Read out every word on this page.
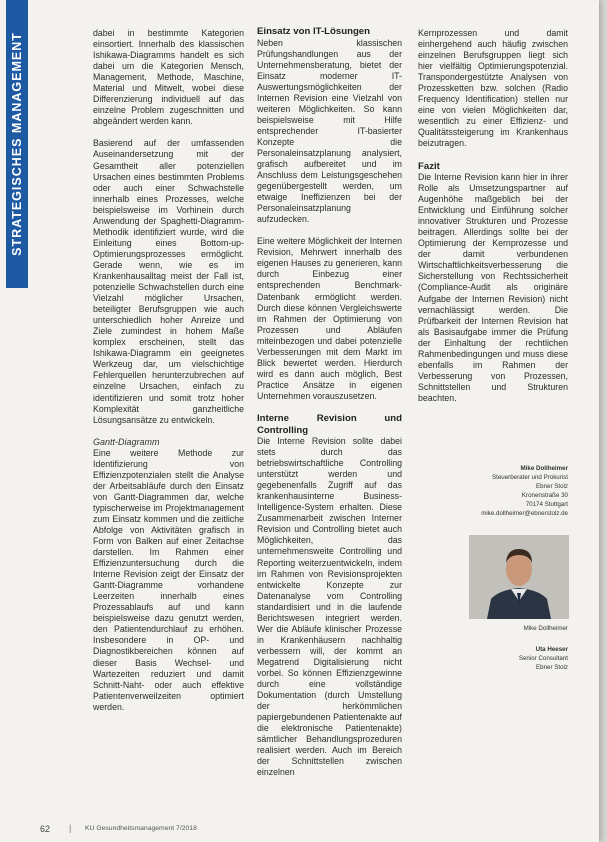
STRATEGISCHES MANAGEMENT	dabei in bestimmte Kategorien einsortiert. Innerhalb des klassischen Ishikawa-Diagramms handelt es sich dabei um die Kategorien Mensch, Management, Methode, Maschine, Material und Mitwelt, wobei diese Differenzierung individuell auf das einzelne Problem zugeschnitten und abgeändert werden kann.

Basierend auf der umfassenden Auseinandersetzung mit der Gesamtheit aller potenziellen Ursachen eines bestimmten Problems oder auch einer Schwachstelle innerhalb eines Prozesses, welche beispielsweise im Vorhinein durch Anwendung der Spaghetti-Diagramm-Methodik identifiziert wurde, wird die Einleitung eines Bottom-up-Optimierungsprozesses ermöglicht. Gerade wenn, wie es im Krankenhausalltag meist der Fall ist, potenzielle Schwachstellen durch eine Vielzahl möglicher Ursachen, beteiligter Berufsgruppen wie auch unterschiedlich hoher Anreize und Ziele zumindest in hohem Maße komplex erscheinen, stellt das Ishikawa-Diagramm ein geeignetes Werkzeug dar, um vielschichtige Fehlerquellen herunterzubrechen auf einzelne Ursachen, einfach zu identifizieren und somit trotz hoher Komplexität ganzheitliche Lösungsansätze zu entwickeln.

Gantt-Diagramm

Eine weitere Methode zur Identifizierung von Effizienzpotenzialen stellt die Analyse der Arbeitsabläufe durch den Einsatz von Gantt-Diagrammen dar, welche typischerweise im Projektmanagement zum Einsatz kommen und die zeitliche Abfolge von Aktivitäten grafisch in Form von Balken auf einer Zeitachse darstellen. Im Rahmen einer Effizienzuntersuchung durch die Interne Revision zeigt der Einsatz der Gantt-Diagramme vorhandene Leerzeiten innerhalb eines Prozessablaufs auf und kann beispielsweise dazu genutzt werden, den Patientendurchlauf zu erhöhen. Insbesondere in OP- und Diagnostikbereichen können auf dieser Basis Wechsel- und Wartezeiten reduziert und damit Schnitt-Naht- oder auch effektive Patientenverweilzeiten optimiert werden.

Einsatz von IT-Lösungen

Neben klassischen Prüfungshandlungen aus der Unternehmensberatung, bietet der Einsatz moderner IT-Auswertungsmöglichkeiten der Internen Revision eine Vielzahl von weiteren Möglichkeiten. So kann beispielsweise mit Hilfe entsprechender IT-basierter Konzepte die Personaleinsatzplanung analysiert, grafisch aufbereitet und im Anschluss dem Leistungsgeschehen gegenübergestellt werden, um etwaige Ineffizienzen bei der Personaleinsatzplanung aufzudecken.

Eine weitere Möglichkeit der Internen Revision, Mehrwert innerhalb des eigenen Hauses zu generieren, kann durch Einbezug einer entsprechenden Benchmark-Datenbank ermöglicht werden. Durch diese können Vergleichswerte im Rahmen der Optimierung von Prozessen und Abläufen miteinbezogen und dabei potenzielle Verbesserungen mit dem Markt im Blick bewertet werden. Hierdurch wird es dann auch möglich, Best Practice Ansätze in eigenen Unternehmen vorauszusetzen.

Interne Revision und Controlling

Die Interne Revision sollte dabei stets durch das betriebswirtschaftliche Controlling unterstützt werden und gegebenenfalls Zugriff auf das krankenhausinterne Business-Intelligence-System erhalten. Diese Zusammenarbeit zwischen Interner Revision und Controlling bietet auch Möglichkeiten, das unternehmensweite Controlling und Reporting weiterzuentwickeln, indem im Rahmen von Revisionsprojekten entwickelte Konzepte zur Datenanalyse vom Controlling standardisiert und in die laufende Berichtswesen integriert werden. Wer die Abläufe klinischer Prozesse in Krankenhäusern nachhaltig verbessern will, der kommt an Megatrend Digitalisierung nicht vorbei. So können Effizienzgewinne durch eine vollständige Dokumentation (durch Umstellung der herkömmlichen papiergebundenen Patientenakte auf die elektronische Patientenakte) sämtlicher Behandlungsprozeduren realisiert werden. Auch im Bereich der Schnittstellen zwischen einzelnen

Kernprozessen und damit einhergehend auch häufig zwischen einzelnen Berufsgruppen liegt sich hier vielfältig Optimierungspotenzial. Transpondergestützte Analysen von Prozessketten bzw. solchen (Radio Frequency Identification) stellen nur eine von vielen Möglichkeiten dar, wesentlich zu einer Effizienz- und Qualitätssteigerung im Krankenhaus beizutragen.

Fazit

Die Interne Revision kann hier in ihrer Rolle als Umsetzungspartner auf Augenhöhe maßgeblich bei der Entwicklung und Einführung solcher innovativer Strukturen und Prozesse beitragen. Allerdings sollte bei der Optimierung der Kernprozesse und der damit verbundenen Wirtschaftlichkeitsverbesserung die Sicherstellung von Rechtssicherheit (Compliance-Audit als originäre Aufgabe der Internen Revision) nicht vernachlässigt werden. Die Prüfbarkeit der Internen Revision hat als Basisaufgabe immer die Prüfung der Einhaltung der rechtlichen Rahmenbedingungen und muss diese ebenfalls im Rahmen der Verbesserung von Prozessen, Schnittstellen und Strukturen beachten.

Mike Dollheimer
Steuerberater und Prokurist
Ebner Stolz
Kronenstraße 30
70174 Stuttgart
mike.dollheimer@ebnerstolz.de
Mike Dollheimer
Uta Heeser
Senior Consultant
Ebner Stolz
62 | KU Gesundheitsmanagement 7/2018
